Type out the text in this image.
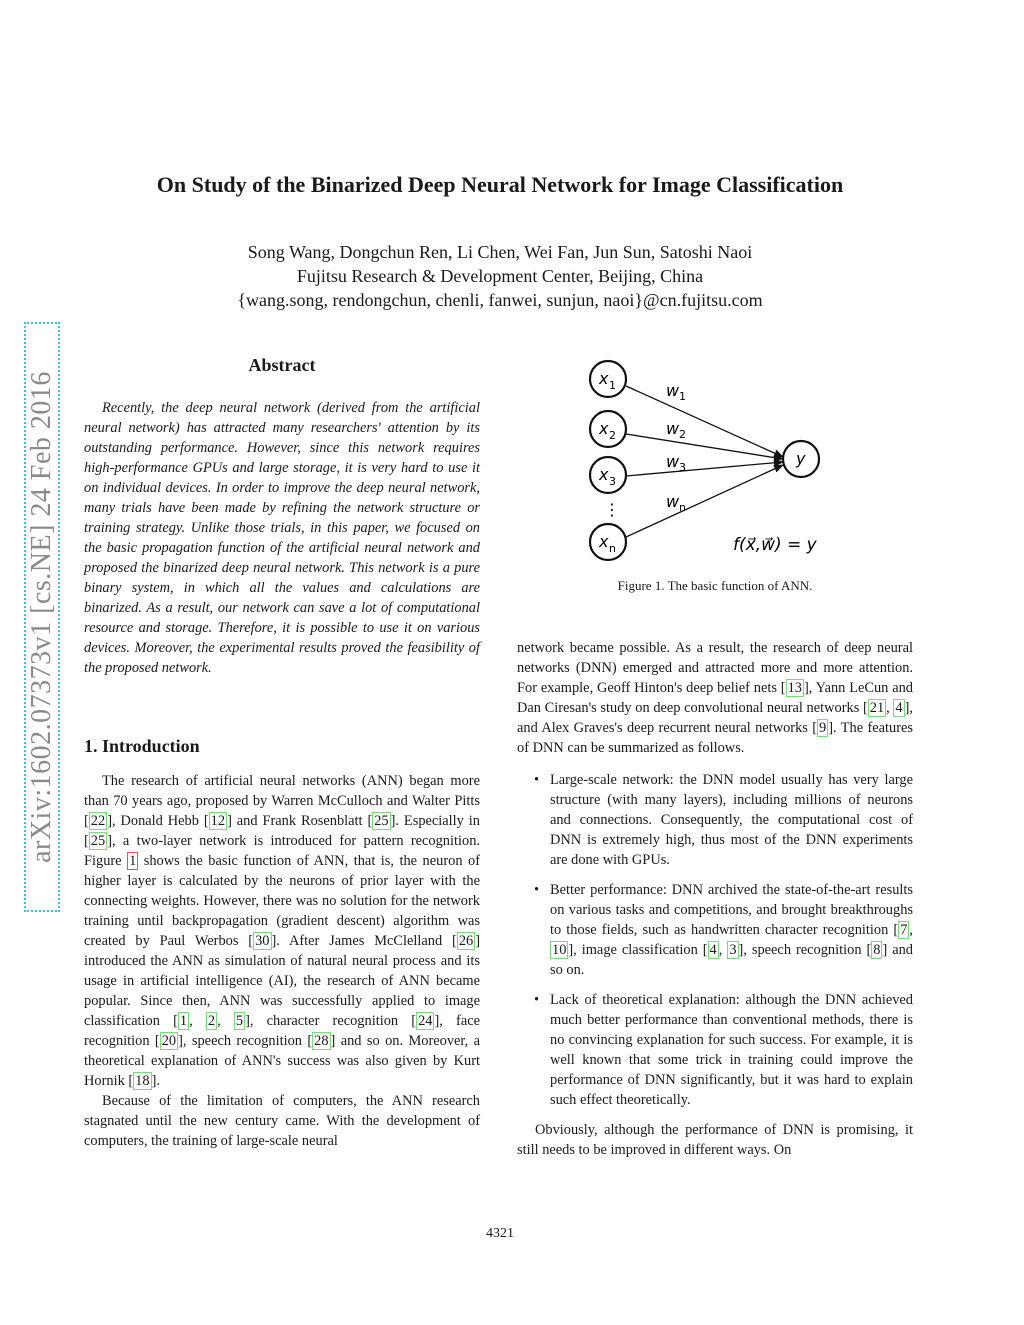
arXiv:1602.07373v1 [cs.NE] 24 Feb 2016
On Study of the Binarized Deep Neural Network for Image Classification
Song Wang, Dongchun Ren, Li Chen, Wei Fan, Jun Sun, Satoshi Naoi
Fujitsu Research & Development Center, Beijing, China
{wang.song, rendongchun, chenli, fanwei, sunjun, naoi}@cn.fujitsu.com
Abstract

Recently, the deep neural network (derived from the artificial neural network) has attracted many researchers' attention by its outstanding performance. However, since this network requires high-performance GPUs and large storage, it is very hard to use it on individual devices. In order to improve the deep neural network, many trials have been made by refining the network structure or training strategy. Unlike those trials, in this paper, we focused on the basic propagation function of the artificial neural network and proposed the binarized deep neural network. This network is a pure binary system, in which all the values and calculations are binarized. As a result, our network can save a lot of computational resource and storage. Therefore, it is possible to use it on various devices. Moreover, the experimental results proved the feasibility of the proposed network.

1. Introduction

The research of artificial neural networks (ANN) began more than 70 years ago, proposed by Warren McCulloch and Walter Pitts [ 22 ], Donald Hebb [ 12 ] and Frank Rosenblatt [ 25 ]. Especially in [ 25 ], a two-layer network is introduced for pattern recognition. Figure 1 shows the basic function of ANN, that is, the neuron of higher layer is calculated by the neurons of prior layer with the connecting weights. However, there was no solution for the network training until backpropagation (gradient descent) algorithm was created by Paul Werbos [ 30 ]. After James McClelland [ 26 ] introduced the ANN as simulation of natural neural process and its usage in artificial intelligence (AI), the research of ANN became popular. Since then, ANN was successfully applied to image classification [ 1 , 2 , 5 ], character recognition [ 24 ], face recognition [ 20 ], speech recognition [ 28 ] and so on. Moreover, a theoretical explanation of ANN's success was also given by Kurt Hornik [ 18 ].

Because of the limitation of computers, the ANN research stagnated until the new century came. With the development of computers, the training of large-scale neural

x 1
x 2
x 3
⋮
x n
y
w 1
w 2
w 3
w n
f(x⃗,w⃗) = y

Figure 1. The basic function of ANN.

network became possible. As a result, the research of deep neural networks (DNN) emerged and attracted more and more attention. For example, Geoff Hinton's deep belief nets [ 13 ], Yann LeCun and Dan Ciresan's study on deep convolutional neural networks [ 21 , 4 ], and Alex Graves's deep recurrent neural networks [ 9 ]. The features of DNN can be summarized as follows.

• Large-scale network: the DNN model usually has very large structure (with many layers), including millions of neurons and connections. Consequently, the computational cost of DNN is extremely high, thus most of the DNN experiments are done with GPUs.

• Better performance: DNN archived the state-of-the-art results on various tasks and competitions, and brought breakthroughs to those fields, such as handwritten character recognition [ 7 , 10 ], image classification [ 4 , 3 ], speech recognition [ 8 ] and so on.

• Lack of theoretical explanation: although the DNN achieved much better performance than conventional methods, there is no convincing explanation for such success. For example, it is well known that some trick in training could improve the performance of DNN significantly, but it was hard to explain such effect theoretically.

Obviously, although the performance of DNN is promising, it still needs to be improved in different ways. On

4321
